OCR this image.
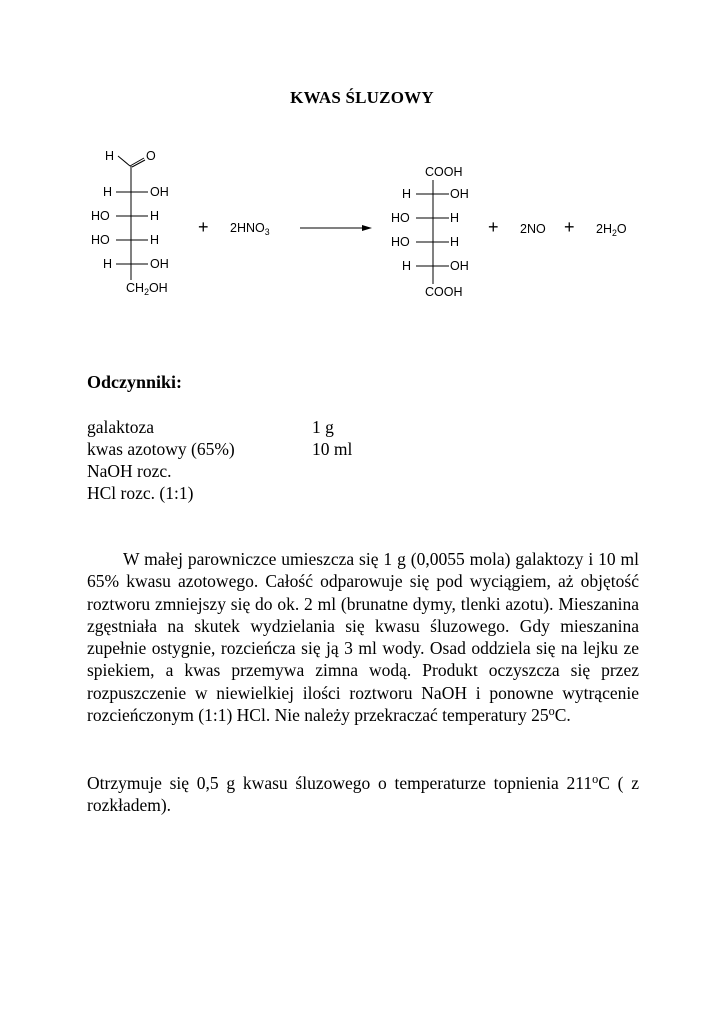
KWAS ŚLUZOWY
H	O
H	OH
HO	H
HO	H
H	OH
$CH_2OH$
+ $2HNO_3$
COOH
H	OH
HO	H
HO	H
H	OH
COOH
+ $2NO + 2H_2O$
Odczynniki:
galaktoza	1 g
kwas azotowy (65%)	10 ml
NaOH rozc.
HCl rozc. (1:1)
W małej parowniczce umieszcza się 1 g (0,0055 mola) galaktozy i 10 ml 65% kwasu azotowego. Całość odparowuje się pod wyciągiem, aż objętość roztworu zmniejszy się do ok. 2 ml (brunatne dymy, tlenki azotu). Mieszanina zgęstniała na skutek wydzielania się kwasu śluzowego. Gdy mieszanina zupełnie ostygnie, rozcieńcza się ją 3 ml wody. Osad oddziela się na lejku ze spiekiem, a kwas przemywa zimna wodą. Produkt oczyszcza się przez rozpuszczenie w niewielkiej ilości roztworu NaOH i ponowne wytrącenie rozcieńczonym (1:1) HCl. Nie należy przekraczać temperatury 25$^o$C.
Otrzymuje się 0,5 g kwasu śluzowego o temperaturze topnienia 211$^o$C ( z rozkładem).
